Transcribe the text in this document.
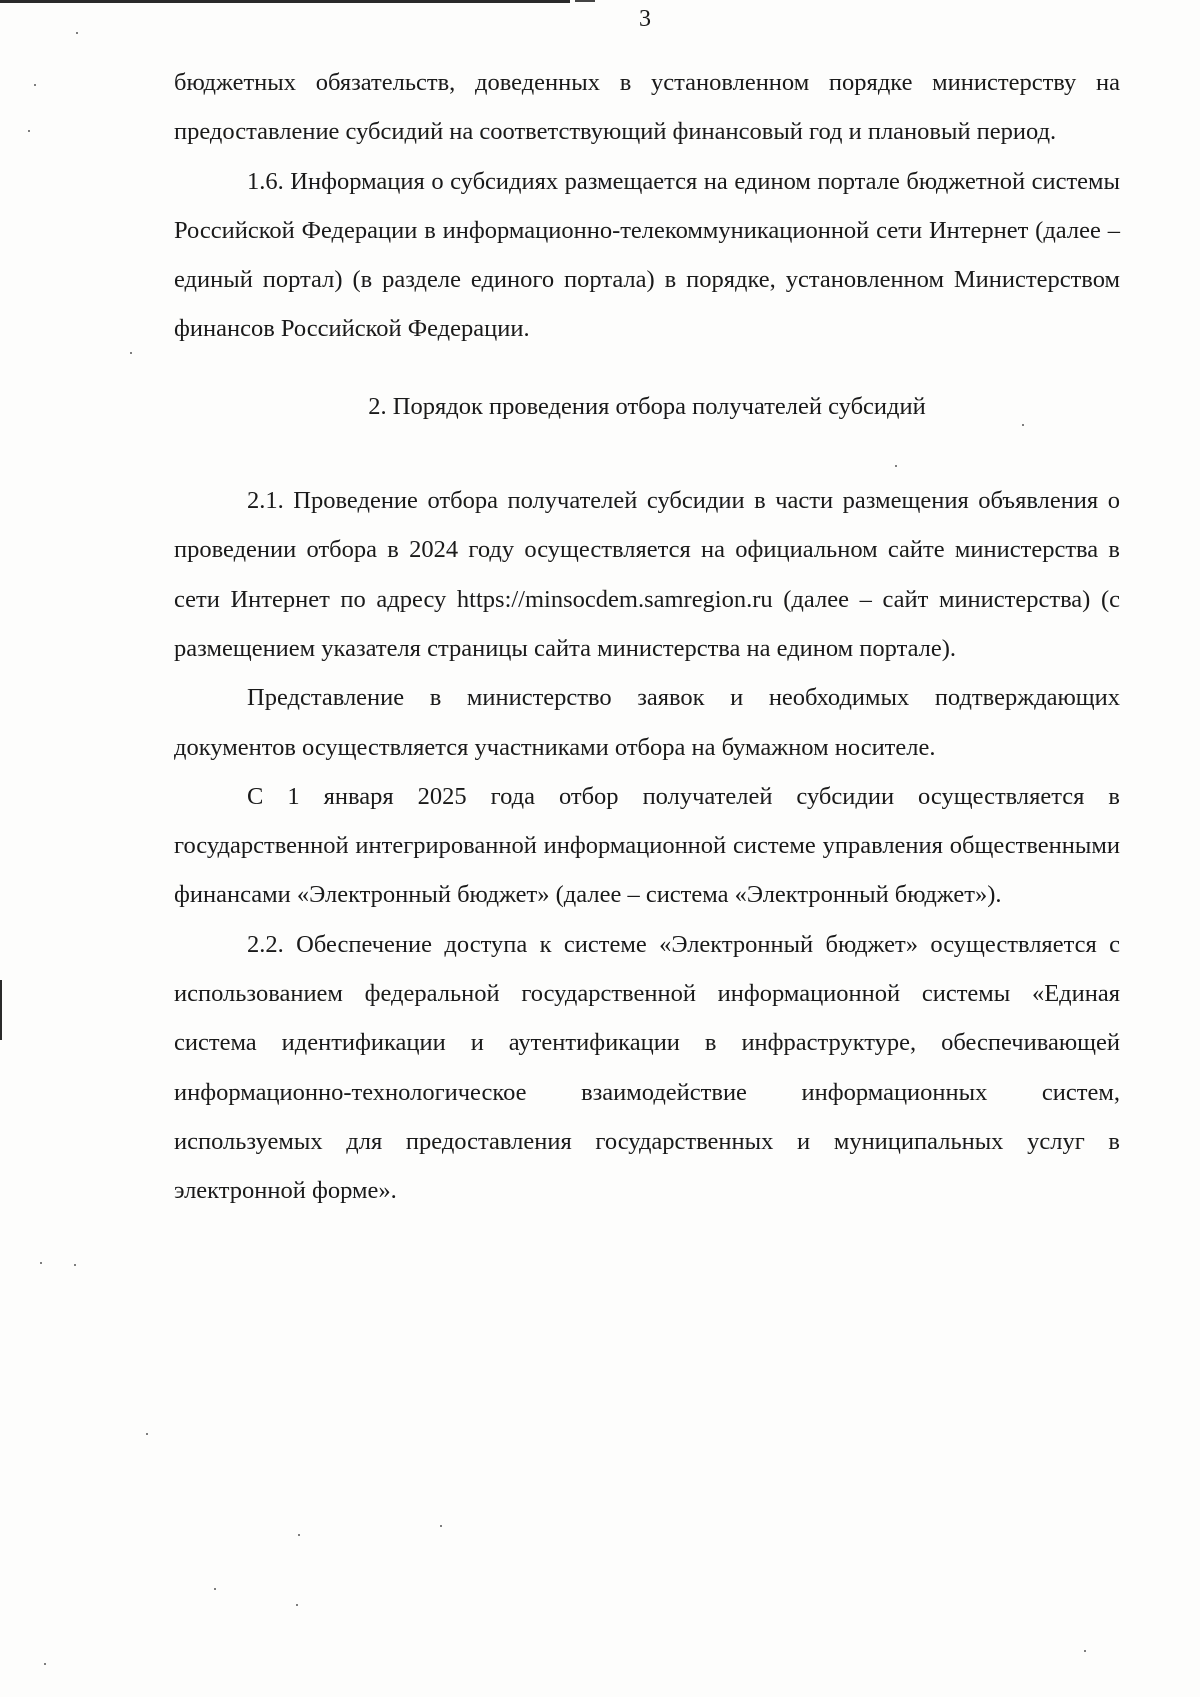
3

бюджетных обязательств, доведенных в установленном порядке министерству на предоставление субсидий на соответствующий финансовый год и плановый период.

1.6. Информация о субсидиях размещается на едином портале бюджетной системы Российской Федерации в информационно-телекоммуникационной сети Интернет (далее – единый портал) (в разделе единого портала) в порядке, установленном Министерством финансов Российской Федерации.

2. Порядок проведения отбора получателей субсидий

2.1. Проведение отбора получателей субсидии в части размещения объявления о проведении отбора в 2024 году осуществляется на официальном сайте министерства в сети Интернет по адресу https://minsocdem.samregion.ru (далее – сайт министерства) (с размещением указателя страницы сайта министерства на едином портале).

Представление в министерство заявок и необходимых подтверждающих документов осуществляется участниками отбора на бумажном носителе.

С 1 января 2025 года отбор получателей субсидии осуществляется в государственной интегрированной информационной системе управления общественными финансами «Электронный бюджет» (далее – система «Электронный бюджет»).

2.2. Обеспечение доступа к системе «Электронный бюджет» осуществляется с использованием федеральной государственной информационной системы «Единая система идентификации и аутентификации в инфраструктуре, обеспечивающей информационно-технологическое взаимодействие информационных систем, используемых для предоставления государственных и муниципальных услуг в электронной форме».
